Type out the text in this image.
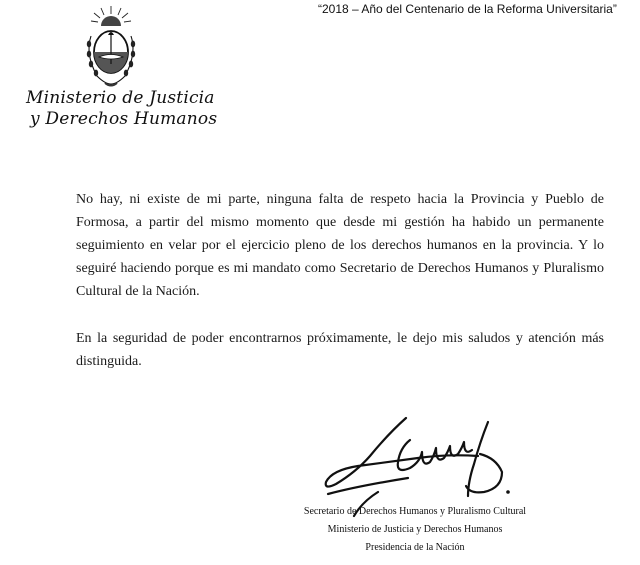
“2018 – Año del Centenario de la Reforma Universitaria”
Ministerio de Justicia
y Derechos Humanos

No hay, ni existe de mi parte, ninguna falta de respeto hacia la Provincia y Pueblo de Formosa, a partir del mismo momento que desde mi gestión ha habido un permanente seguimiento en velar por el ejercicio pleno de los derechos humanos en la provincia. Y lo seguiré haciendo porque es mi mandato como Secretario de Derechos Humanos y Pluralismo Cultural de la Nación.

En la seguridad de poder encontrarnos próximamente, le dejo mis saludos y atención más distinguida.

Secretario de Derechos Humanos y Pluralismo Cultural
Ministerio de Justicia y Derechos Humanos
Presidencia de la Nación
